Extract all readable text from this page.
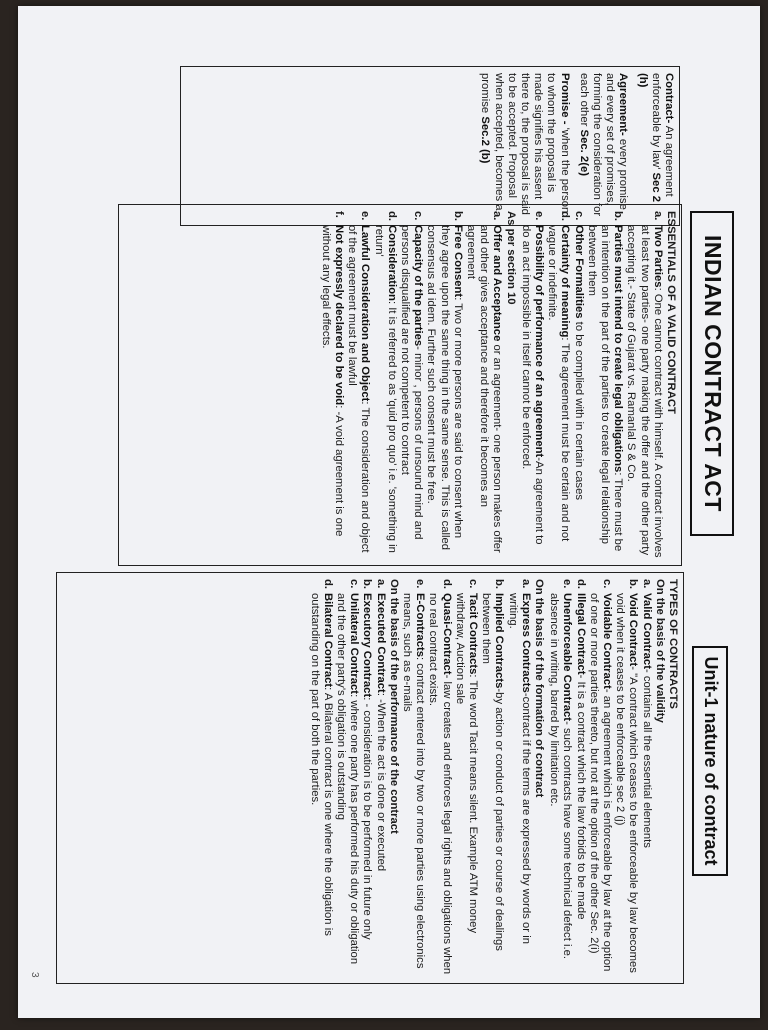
Contract- An agreement enforceable by law' Sec 2 (h)

Agreement- every promise and every set of promises, forming the consideration for each other Sec. 2(e)

Promise - 'when the person to whom the proposal is made signifies his assent there to, the proposal is said to be accepted. Proposal when accepted, becomes a promise Sec.2 (b)

INDIAN CONTRACT ACT

ESSENTIALS OF A VALID CONTRACT

a.
Two Parties: One cannot contract with himself. A contract involves at least two parties- one party making the offer and the other party accepting it.- State of Gujarat vs. Ramanlal S & Co.
b.
Parties must intend to create legal obligations: There must be an intention on the part of the parties to create legal relationship between them
c.
Other Formalities to be complied with in certain cases
d.
Certainty of meaning: The agreement must be certain and not vague or indefinite.
e.
Possibility of performance of an agreement-An agreement to do an act impossible in itself cannot be enforced.

As per section 10

a.
Offer and Acceptance or an agreement- one person makes offer and other gives acceptance and therefore it becomes an agreement
b.
Free Consent: Two or more persons are said to consent when they agree upon the same thing in the same sense. This is called consensus ad idem. Further such consent must be free.
c.
Capacity of the parties- minor , persons of unsound mind and persons disqualified are not competent to contract
d.
Consideration: It is referred to as 'quid pro quo' i.e. 'something in return'
e.
Lawful Consideration and Object: The consideration and object of the agreement must be lawful
f.
Not expressly declared to be void: -A void agreement is one without any legal effects.
Unit-1 nature of contract

TYPES OF CONTRACTS

On the basis of the validity

a.
Valid Contract- contains all the essential elements
b.
Void Contract- "A contract which ceases to be enforceable by law becomes void when it ceases to be enforceable sec 2 (j)
c.
Voidable Contract- an agreement which is enforceable by law at the option of one or more parties thereto, but not at the option of the other Sec. 2(i)
d.
Illegal Contract- It is a contract which the law forbids to be made
e.
Unenforceable Contract- such contracts have some technical defect i.e. absence in writing, barred by limitation etc.

On the basis of the formation of contract

a.
Express Contracts-contract if the terms are expressed by words or in writing.
b.
Implied Contracts-by action or conduct of parties or course of dealings between them
c.
Tacit Contracts: The word Tacit means silent. Example ATM money withdraw, Auction sale
d.
Quasi-Contract- law creates and enforces legal rights and obligations when no real contract exists.
e.
E-Contracts: contract entered into by two or more parties using electronics means, such as e-mails

On the basis of the performance of the contract

a.
Executed Contract: -When the act is done or executed
b.
Executory Contract: - consideration is to be performed in future only
c.
Unilateral Contract: where one party has performed his duty or obligation and the other party's obligation is outstanding
d.
Bilateral Contract: A Bilateral contract is one where the obligation is outstanding on the part of both the parties.
3
